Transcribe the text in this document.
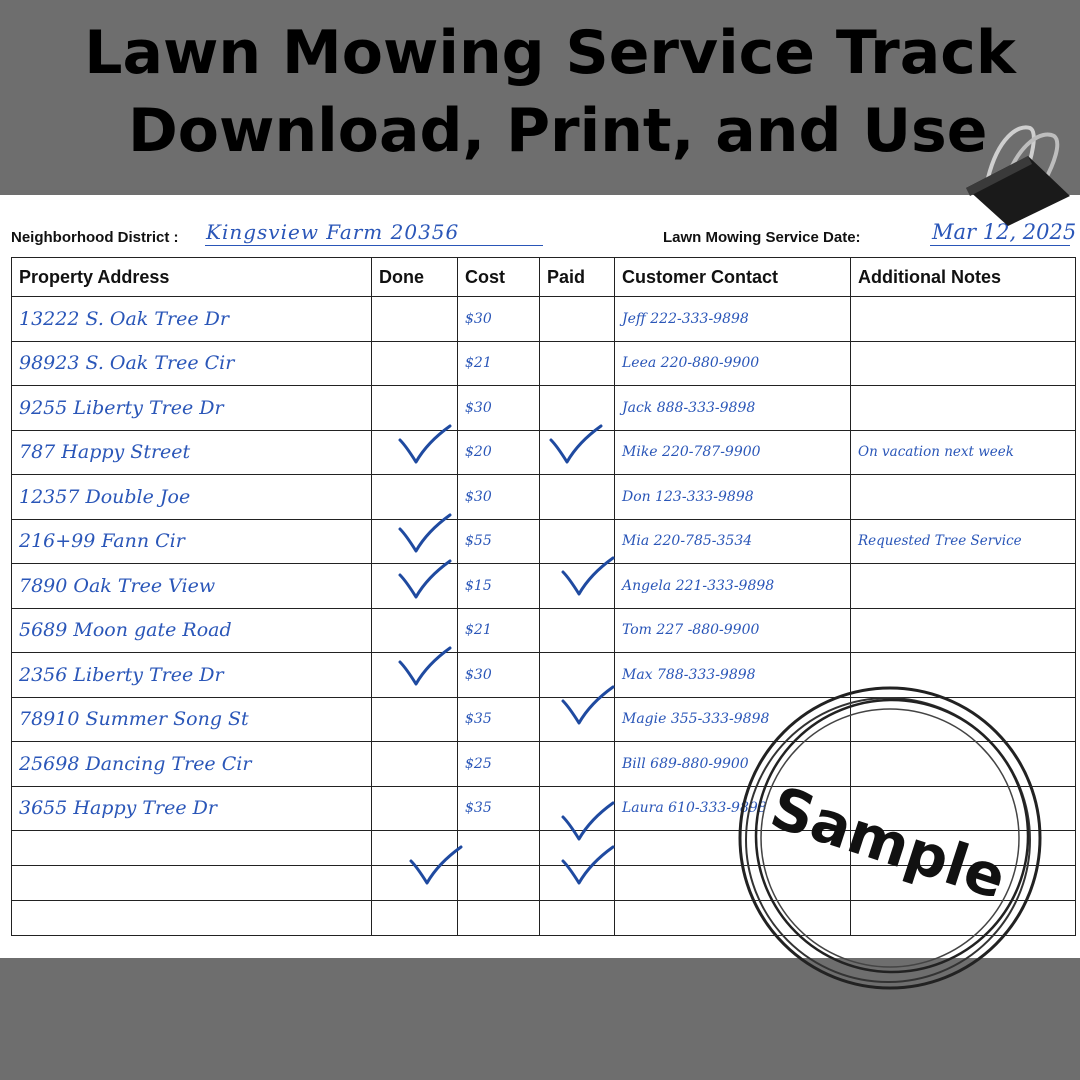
Lawn Mowing Service Track
Download, Print, and Use
Neighborhood District : Kingsview Farm 20356	Lawn Mowing Service Date:	Mar 12, 2025
Property Address	Done	Cost	Paid	Customer Contact	Additional Notes

13222 S. Oak Tree Dr		$30		Jeff 222-333-9898	

98923 S. Oak Tree Cir		$21		Leea 220-880-9900	

9255 Liberty Tree Dr		$30		Jack 888-333-9898	

787 Happy Street		$20		Mike 220-787-9900	On vacation next week

12357 Double Joe		$30		Don 123-333-9898	

216+99 Fann Cir		$55		Mia 220-785-3534	Requested Tree Service

7890 Oak Tree View		$15		Angela 221-333-9898	

5689 Moon gate Road		$21		Tom 227 -880-9900	

2356 Liberty Tree Dr		$30		Max 788-333-9898	

78910 Summer Song St		$35		Magie 355-333-9898	

25698 Dancing Tree Cir		$25		Bill 689-880-9900	

3655 Happy Tree Dr		$35		Laura 610-333-9898	

Sample
